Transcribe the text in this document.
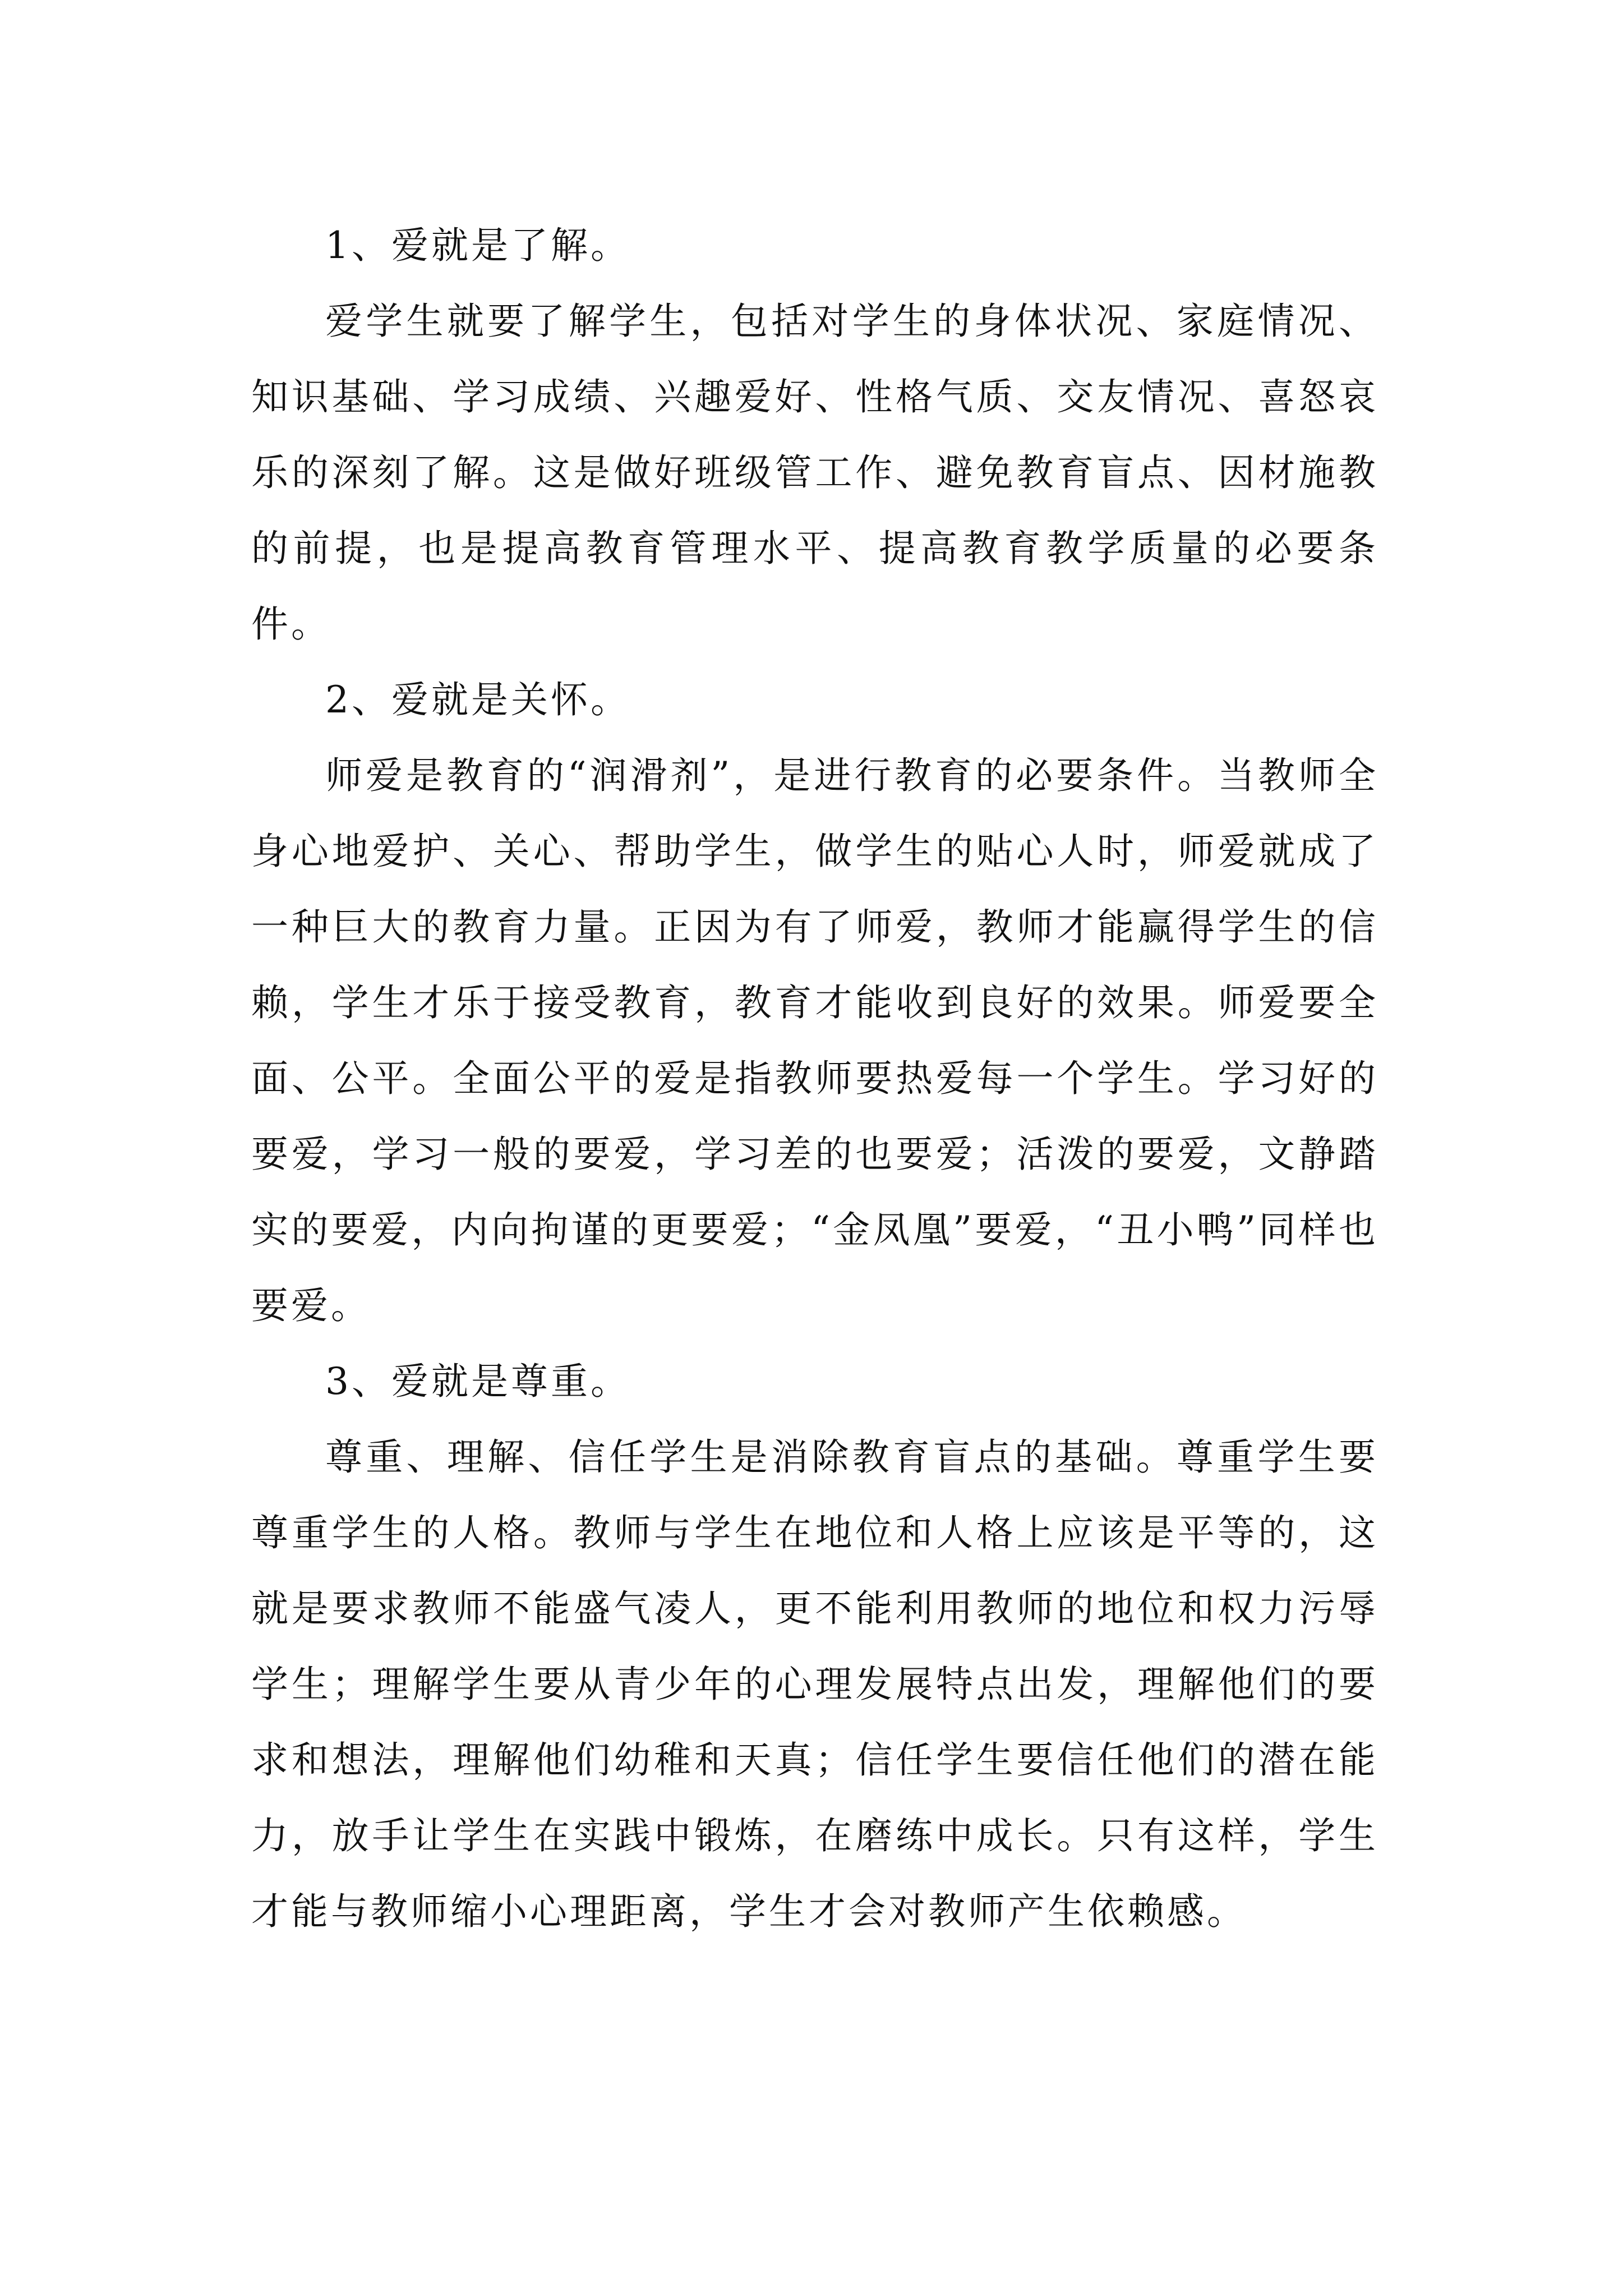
1、爱就是了解。

爱学生就要了解学生，包括对学生的身体状况、家庭情况、知识基础、学习成绩、兴趣爱好、性格气质、交友情况、喜怒哀乐的深刻了解。这是做好班级管工作、避免教育盲点、因材施教的前提，也是提高教育管理水平、提高教育教学质量的必要条件。

2、爱就是关怀。

师爱是教育的“润滑剂”，是进行教育的必要条件。当教师全身心地爱护、关心、帮助学生，做学生的贴心人时，师爱就成了一种巨大的教育力量。正因为有了师爱，教师才能赢得学生的信赖，学生才乐于接受教育，教育才能收到良好的效果。师爱要全面、公平。全面公平的爱是指教师要热爱每一个学生。学习好的要爱，学习一般的要爱，学习差的也要爱；活泼的要爱，文静踏实的要爱，内向拘谨的更要爱；“金凤凰”要爱，“丑小鸭”同样也要爱。

3、爱就是尊重。

尊重、理解、信任学生是消除教育盲点的基础。尊重学生要尊重学生的人格。教师与学生在地位和人格上应该是平等的，这就是要求教师不能盛气凌人，更不能利用教师的地位和权力污辱学生；理解学生要从青少年的心理发展特点出发，理解他们的要求和想法，理解他们幼稚和天真；信任学生要信任他们的潜在能力，放手让学生在实践中锻炼，在磨练中成长。只有这样，学生才能与教师缩小心理距离，学生才会对教师产生依赖感。
